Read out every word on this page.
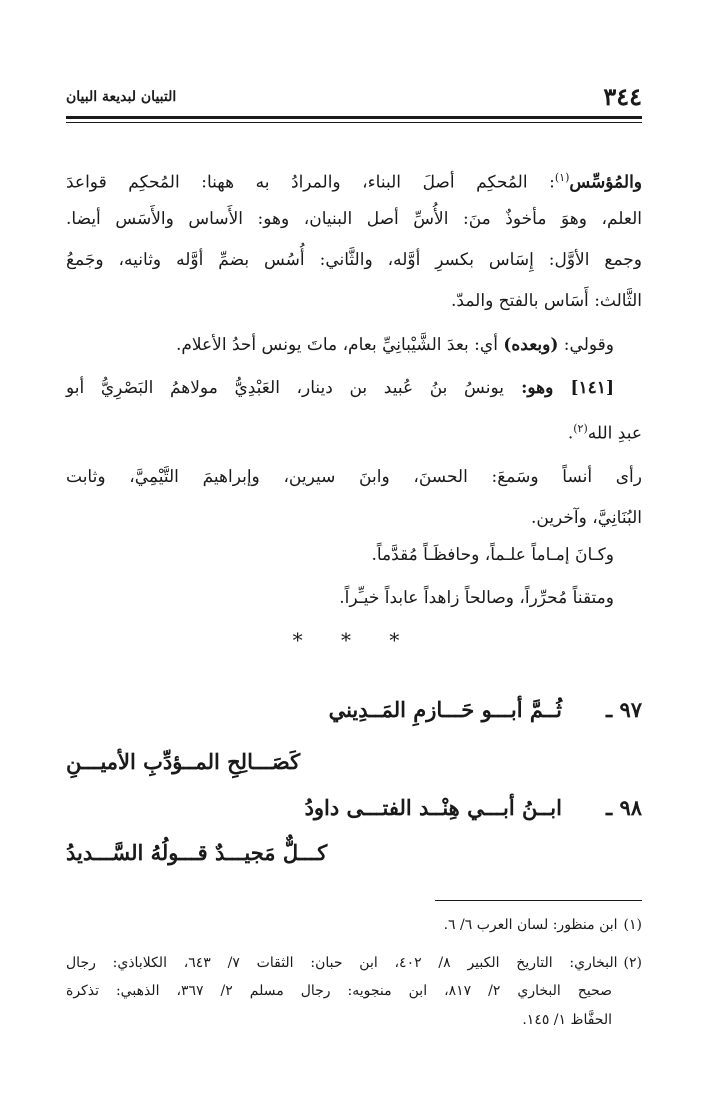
٣٤٤
التبيان لبديعة البيان
والمُؤسِّس$^{(١)}$: المُحكِم أصلَ البناء، والمرادُ به ههنا: المُحكِم قواعدَ
العلم، وهوَ مأخوذٌ منَ: الأُسِّ أصل البنيان، وهو: الأَساس والأَسَس أيضا.
وجمع الأوَّل: إِسَاس بكسرِ أوَّله، والثَّاني: أُسُس بضمِّ أوَّله وثانيه، وجَمعُ
الثَّالث: أَسَاس بالفتح والمدّ.
وقولي: (وبعده) أي: بعدَ الشَّيْبانِيِّ بعام، ماتَ يونس أحدُ الأعلام.
[١٤١] وهو: يونسُ بنُ عُبيد بن دينار، العَبْدِيُّ مولاهمُ البَصْرِيُّ أبو
عبدِ الله$^{(٢)}$.
رأى أنساً وسَمعَ: الحسنَ، وابنَ سيرين، وإبراهيمَ التَّيْمِيَّ، وثابت
البُنَانِيَّ، وآخرين.
وكـانَ إمـاماً علـماً، وحافظَـاً مُقدَّماً.
ومتقناً مُحرِّراً، وصالحاً زاهداً عابداً خيـِّراً.
* * *
٩٧ ـ
ثُــمَّ أبـــو حَـــازمِ المَــدِيني
كَصَـــالِحِ المــؤدِّبِ الأميـــنِ
٩٨ ـ
ابــنُ أبـــي هِنْــد الفتـــى داودُ
كـــلٌّ مَجيـــدٌ قـــولُهُ السَّـــديدُ
(١)ابن منظور: لسان العرب ٦/ ٦.
(٢)البخاري: التاريخ الكبير ٨/ ٤٠٢، ابن حبان: الثقات ٧/ ٦٤٣، الكلاباذي: رجال
صحيح البخاري ٢/ ٨١٧، ابن منجويه: رجال مسلم ٢/ ٣٦٧، الذهبي: تذكرة
الحفَّاظ ١/ ١٤٥.
